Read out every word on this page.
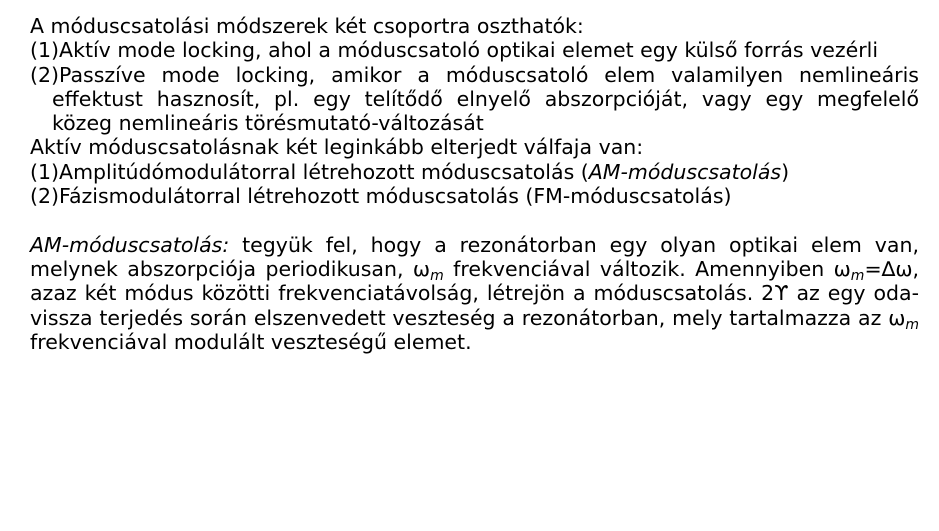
A móduscsatolási módszerek két csoportra oszthatók:

(1)Aktív mode locking, ahol a móduscsatoló optikai elemet egy külső forrás vezérli

(2)Passzíve mode locking, amikor a móduscsatoló elem valamilyen nemlineáris effektust hasznosít, pl. egy telítődő elnyelő abszorpcióját, vagy egy megfelelő közeg nemlineáris törésmutató-változását

Aktív móduscsatolásnak két leginkább elterjedt válfaja van:

(1)Amplitúdómodulátorral létrehozott móduscsatolás (AM-móduscsatolás)

(2)Fázismodulátorral létrehozott móduscsatolás (FM-móduscsatolás)

AM-móduscsatolás: tegyük fel, hogy a rezonátorban egy olyan optikai elem van, melynek abszorpciója periodikusan, $\omega_m$ frekvenciával változik. Amennyiben $\omega_m=\Delta\omega$, azaz két módus közötti frekvenciatávolság, létrejön a móduscsatolás. 2ϒ az egy oda-vissza terjedés során elszenvedett veszteség a rezonátorban, mely tartalmazza az $\omega_m$ frekvenciával modulált veszteségű elemet.
